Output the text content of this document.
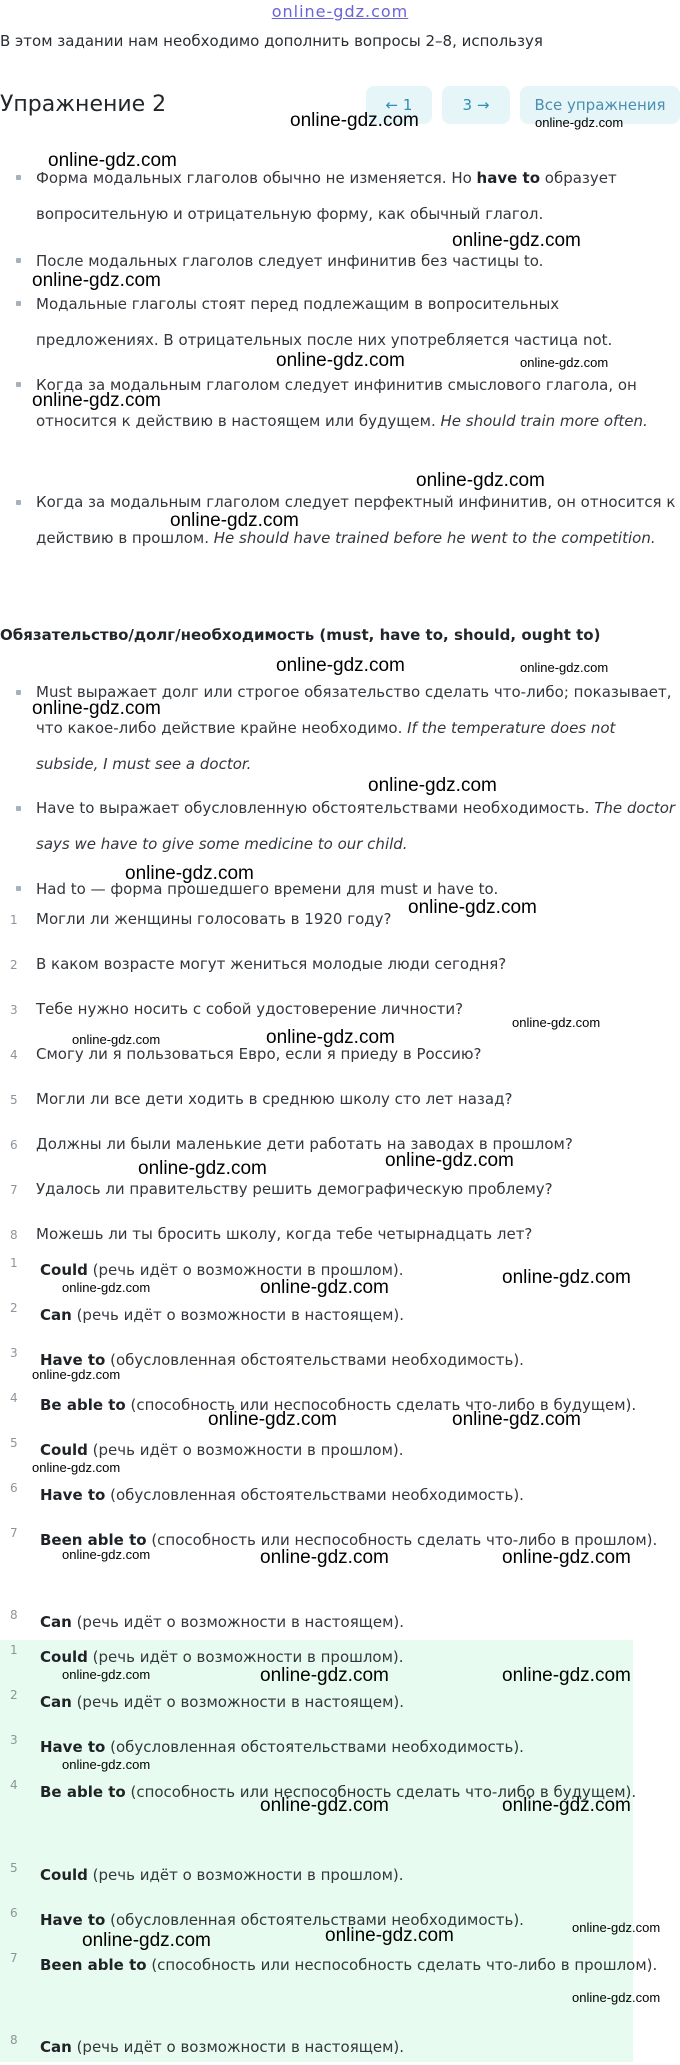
online-gdz.com
В этом задании нам необходимо дополнить вопросы 2–8, используя
Упражнение 2	← 1	3 →	Все упражнения
Форма модальных глаголов обычно не изменяется. Но have to образует вопросительную и отрицательную форму, как обычный глагол.
После модальных глаголов следует инфинитив без частицы to.
Модальные глаголы стоят перед подлежащим в вопросительных предложениях. В отрицательных после них употребляется частица not.
Когда за модальным глаголом следует инфинитив смыслового глагола, он относится к действию в настоящем или будущем. He should train more often.
Когда за модальным глаголом следует перфектный инфинитив, он относится к действию в прошлом. He should have trained before he went to the competition.
Обязательство/долг/необходимость (must, have to, should, ought to)
Must выражает долг или строгое обязательство сделать что-либо; показывает, что какое-либо действие крайне необходимо. If the temperature does not subside, I must see a doctor.
Have to выражает обусловленную обстоятельствами необходимость. The doctor says we have to give some medicine to our child.
Had to — форма прошедшего времени для must и have to.
1 Могли ли женщины голосовать в 1920 году?
2 В каком возрасте могут жениться молодые люди сегодня?
3 Тебе нужно носить с собой удостоверение личности?
4 Смогу ли я пользоваться Евро, если я приеду в Россию?
5 Могли ли все дети ходить в среднюю школу сто лет назад?
6 Должны ли были маленькие дети работать на заводах в прошлом?
7 Удалось ли правительству решить демографическую проблему?
8 Можешь ли ты бросить школу, когда тебе четырнадцать лет?
1 Could (речь идёт о возможности в прошлом).
2 Can (речь идёт о возможности в настоящем).
3 Have to (обусловленная обстоятельствами необходимость).
4 Be able to (способность или неспособность сделать что-либо в будущем).
5 Could (речь идёт о возможности в прошлом).
6 Have to (обусловленная обстоятельствами необходимость).
7 Been able to (способность или неспособность сделать что-либо в прошлом).
8 Can (речь идёт о возможности в настоящем).
1 Could (речь идёт о возможности в прошлом).
2 Can (речь идёт о возможности в настоящем).
3 Have to (обусловленная обстоятельствами необходимость).
4 Be able to (способность или неспособность сделать что-либо в будущем).
5 Could (речь идёт о возможности в прошлом).
6 Have to (обусловленная обстоятельствами необходимость).
7 Been able to (способность или неспособность сделать что-либо в прошлом).
8 Can (речь идёт о возможности в настоящем).
online-gdz.com	online-gdz.com
online-gdz.com
online-gdz.com
online-gdz.com
online-gdz.com	online-gdz.com
online-gdz.com
online-gdz.com
online-gdz.com
online-gdz.com	online-gdz.com
online-gdz.com
online-gdz.com
online-gdz.com
online-gdz.com
online-gdz.com
online-gdz.com	online-gdz.com
online-gdz.com	online-gdz.com
online-gdz.com
online-gdz.com	online-gdz.com
online-gdz.com
online-gdz.com	online-gdz.com
online-gdz.com
online-gdz.com	online-gdz.com	online-gdz.com
online-gdz.com	online-gdz.com	online-gdz.com
online-gdz.com
online-gdz.com	online-gdz.com
online-gdz.com
online-gdz.com	online-gdz.com
online-gdz.com
